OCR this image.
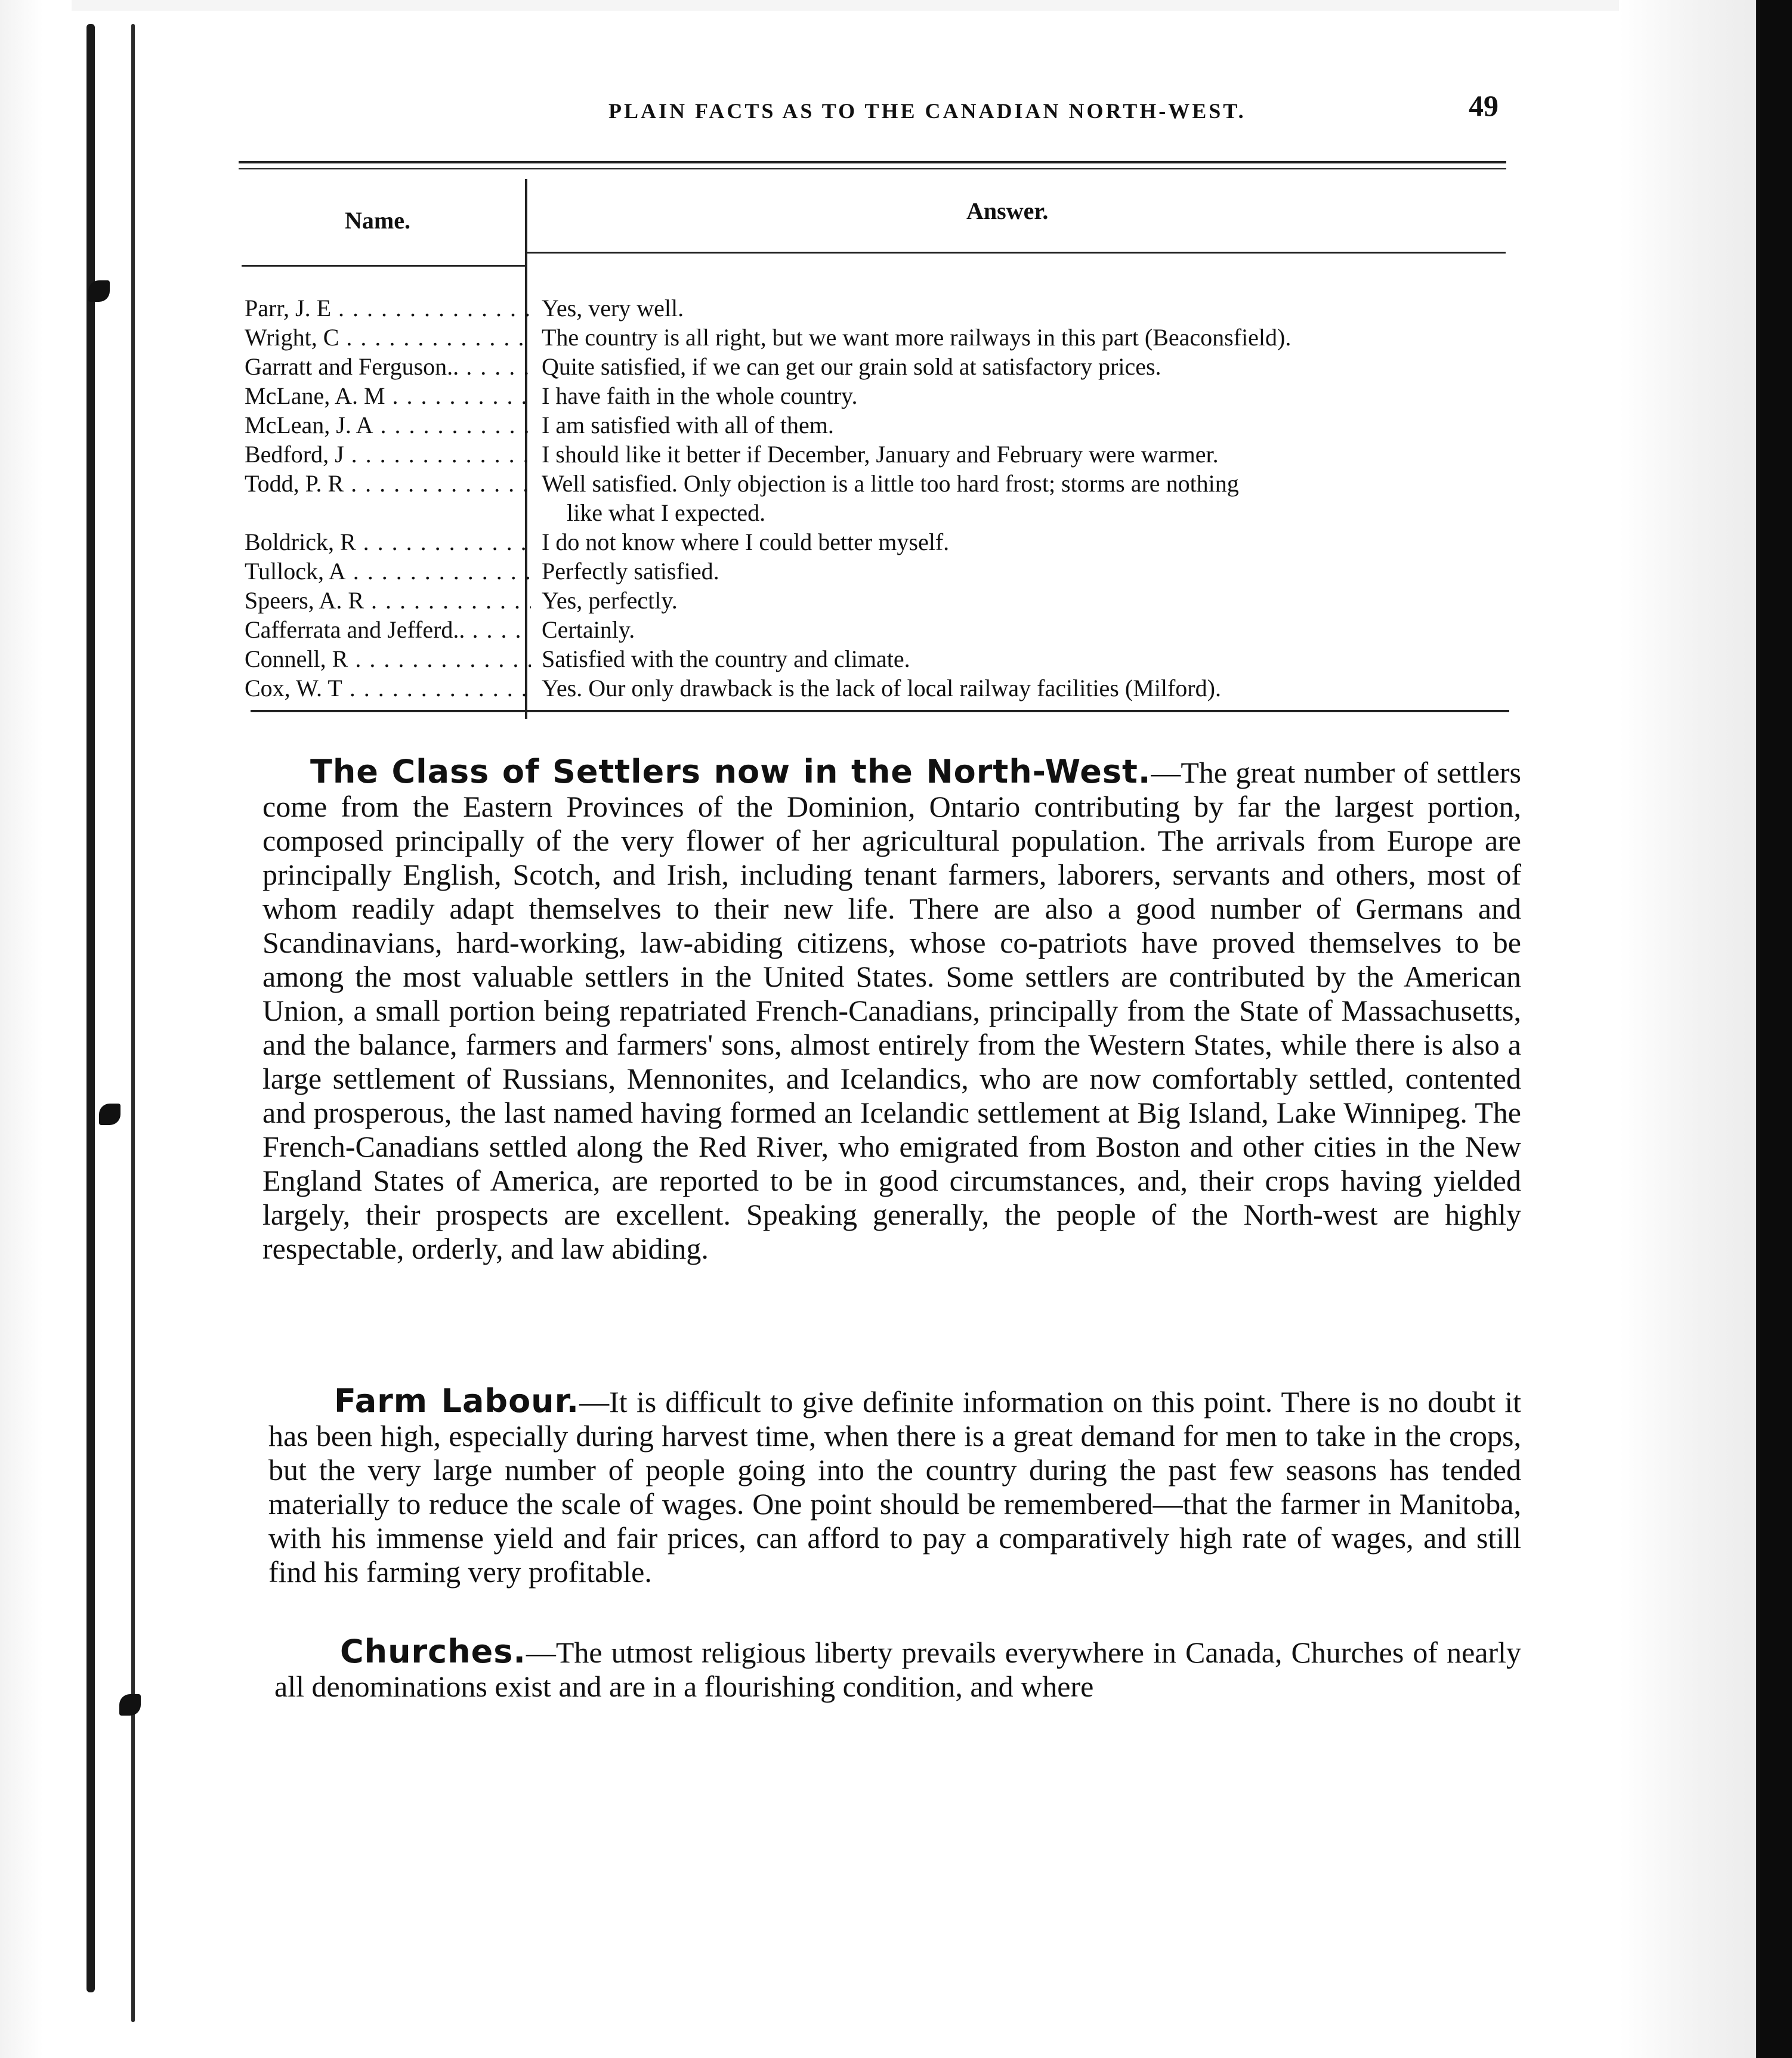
PLAIN FACTS AS TO THE CANADIAN NORTH-WEST.	49
Name.	Answer.
Parr, J. E . . .	Yes, very well.
Wright, C . . .	The country is all right, but we want more railways in this part (Beaconsfield).
Garratt and Ferguson.. . . .	Quite satisfied, if we can get our grain sold at satisfactory prices.
McLane, A. M . . .	I have faith in the whole country.
McLean, J. A . . .	I am satisfied with all of them.
Bedford, J . . .	I should like it better if December, January and February were warmer.
Todd, P. R . . .	Well satisfied. Only objection is a little too hard frost; storms are nothing
like what I expected.
Boldrick, R . . .	I do not know where I could better myself.
Tullock, A . . .	Perfectly satisfied.
Speers, A. R . . .	Yes, perfectly.
Cafferrata and Jefferd.. . . .	Certainly.
Connell, R . . .	Satisfied with the country and climate.
Cox, W. T . . .	Yes. Our only drawback is the lack of local railway facilities (Milford).
The Class of Settlers now in the North-West.—The great number of settlers come from the Eastern Provinces of the Dominion, Ontario contributing by far the largest portion, composed principally of the very flower of her agricultural population. The arrivals from Europe are principally English, Scotch, and Irish, including tenant farmers, laborers, servants and others, most of whom readily adapt themselves to their new life. There are also a good number of Germans and Scandinavians, hard-working, law-abiding citizens, whose co-patriots have proved themselves to be among the most valuable settlers in the United States. Some settlers are contributed by the American Union, a small portion being repatriated French-Canadians, principally from the State of Massachusetts, and the balance, farmers and farmers' sons, almost entirely from the Western States, while there is also a large settlement of Russians, Mennonites, and Icelandics, who are now comfortably settled, contented and prosperous, the last named having formed an Icelandic settlement at Big Island, Lake Winnipeg. The French-Canadians settled along the Red River, who emigrated from Boston and other cities in the New England States of America, are reported to be in good circumstances, and, their crops having yielded largely, their prospects are excellent. Speaking generally, the people of the North-west are highly respectable, orderly, and law abiding.
Farm Labour.—It is difficult to give definite information on this point. There is no doubt it has been high, especially during harvest time, when there is a great demand for men to take in the crops, but the very large number of people going into the country during the past few seasons has tended materially to reduce the scale of wages. One point should be remembered—that the farmer in Manitoba, with his immense yield and fair prices, can afford to pay a comparatively high rate of wages, and still find his farming very profitable.
Churches.—The utmost religious liberty prevails everywhere in Canada, Churches of nearly all denominations exist and are in a flourishing condition, and where
